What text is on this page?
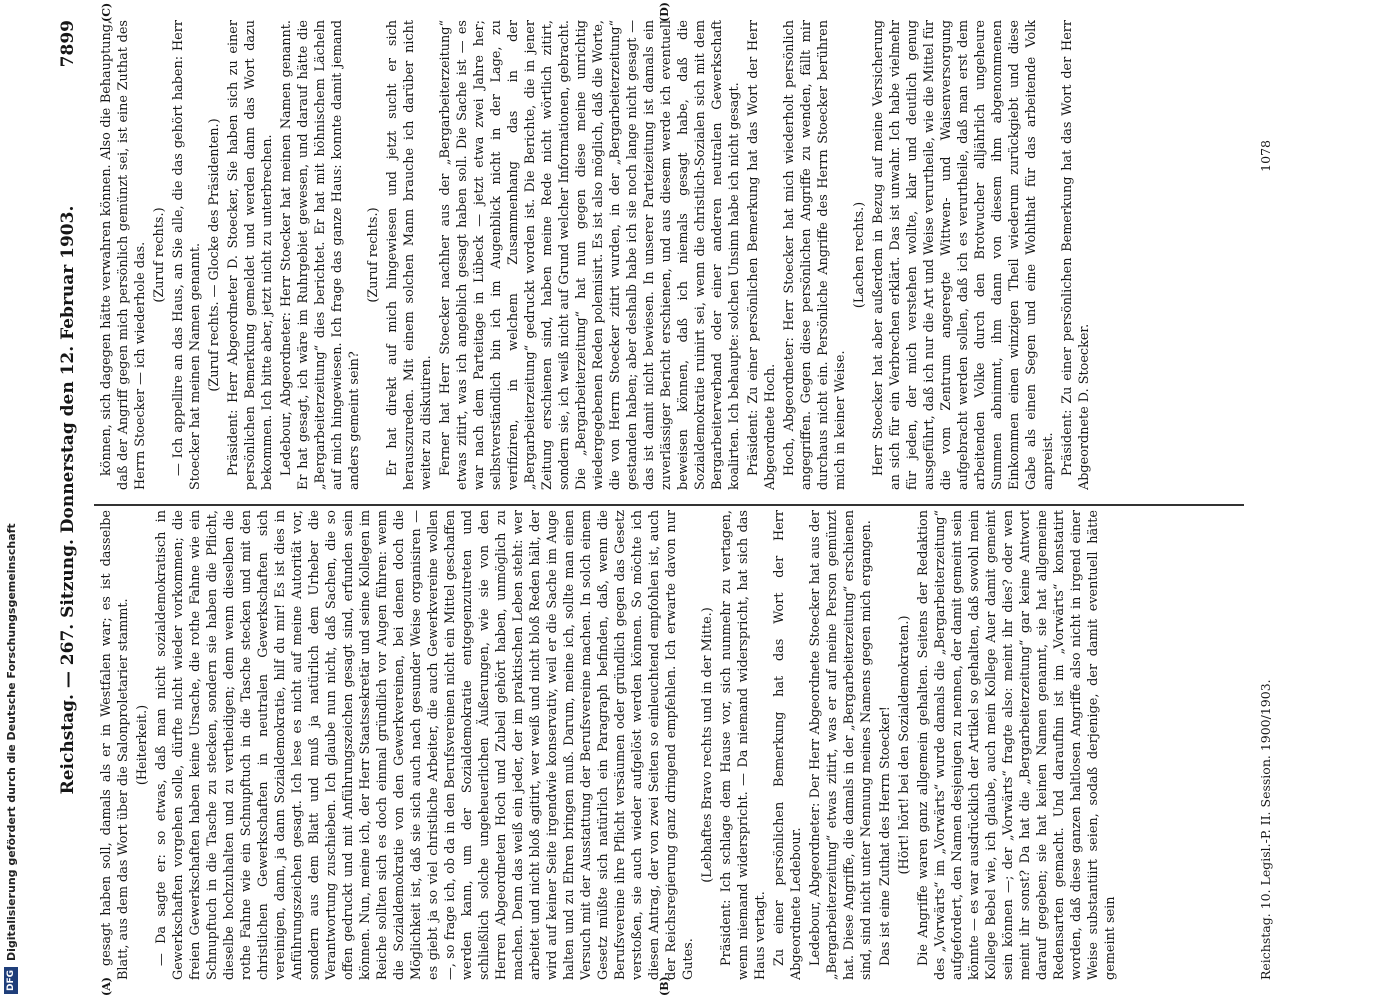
DFG
Digitalisierung gefördert durch die Deutsche Forschungsgemeinschaft Reichstag. — 267. Sitzung. Donnerstag den 12. Februar 1903.
7899
(A)	(B)
(C)	(D)

gesagt haben soll, damals als er in Westfalen war; es ist dasselbe Blatt, aus dem das Wort über die Salonproletarier stammt. (Heiterkeit.) — Da sagte er: so etwas, daß man nicht sozialdemokratisch in Gewerkschaften vorgehen solle, dürfte nicht wieder vorkommen; die freien Gewerkschaften haben keine Ursache, die rothe Fahne wie ein Schnupftuch in die Tasche zu stecken, sondern sie haben die Pflicht, dieselbe hochzuhalten und zu vertheidigen; denn wenn dieselben die rothe Fahne wie ein Schnupftuch in die Tasche stecken und mit den christlichen Gewerkschaften in neutralen Gewerkschaften sich vereinigen, dann, ja dann Sozialdemokratie, hilf du mir! Es ist dies in Anführungszeichen gesagt. Ich lese es nicht auf meine Autorität vor, sondern aus dem Blatt und muß ja natürlich dem Urheber die Verantwortung zuschieben. Ich glaube nun nicht, daß Sachen, die so offen gedruckt und mit Anführungszeichen gesagt sind, erfunden sein können. Nun, meine ich, der Herr Staatssekretär und seine Kollegen im Reiche sollten sich es doch einmal gründlich vor Augen führen: wenn die Sozialdemokratie von den Gewerkvereinen, bei denen doch die Möglichkeit ist, daß sie sich auch nach gesunder Weise organisiren — es giebt ja so viel christliche Arbeiter, die auch Gewerkvereine wollen —, so frage ich, ob da in den Berufsvereinen nicht ein Mittel geschaffen werden kann, um der Sozialdemokratie entgegenzutreten und schließlich solche ungeheuerlichen Äußerungen, wie sie von den Herren Abgeordneten Hoch und Zubeil gehört haben, unmöglich zu machen. Denn das weiß ein jeder, der im praktischen Leben steht: wer arbeitet und nicht bloß agitirt, wer weiß und nicht bloß Reden hält, der wird auf keiner Seite irgendwie konservativ, weil er die Sache im Auge halten und zu Ehren bringen muß. Darum, meine ich, sollte man einen Versuch mit der Ausstattung der Berufsvereine machen. In solch einem Gesetz müßte sich natürlich ein Paragraph befinden, daß, wenn die Berufsvereine ihre Pflicht versäumen oder gründlich gegen das Gesetz verstoßen, sie auch wieder aufgelöst werden können. So möchte ich diesen Antrag, der von zwei Seiten so einleuchtend empfohlen ist, auch der Reichsregierung ganz dringend empfehlen. Ich erwarte davon nur Gutes.

(Lebhaftes Bravo rechts und in der Mitte.) Präsident: Ich schlage dem Hause vor, sich nunmehr zu vertagen, wenn niemand widerspricht. — Da niemand widerspricht, hat sich das Haus vertagt. Zu einer persönlichen Bemerkung hat das Wort der Herr Abgeordnete Ledebour. Ledebour, Abgeordneter: Der Herr Abgeordnete Stoecker hat aus der „Bergarbeiterzeitung“ etwas zitirt, was er auf meine Person gemünzt hat. Diese Angriffe, die damals in der „Bergarbeiterzeitung“ erschienen sind, sind nicht unter Nennung meines Namens gegen mich ergangen. Das ist eine Zuthat des Herrn Stoecker! (Hört! hört! bei den Sozialdemokraten.) Die Angriffe waren ganz allgemein gehalten. Seitens der Redaktion des „Vorwärts“ im „Vorwärts“ wurde damals die „Bergarbeiterzeitung“ aufgefordert, den Namen desjenigen zu nennen, der damit gemeint sein könnte — es war ausdrücklich der Artikel so gehalten, daß sowohl mein Kollege Bebel wie, ich glaube, auch mein Kollege Auer damit gemeint sein können —; der „Vorwärts“ fragte also: meint ihr dies? oder wen meint ihr sonst? Da hat die „Bergarbeiterzeitung“ gar keine Antwort darauf gegeben; sie hat keinen Namen genannt, sie hat allgemeine Redensarten gemacht. Und daraufhin ist im „Vorwärts“ konstatirt worden, daß diese ganzen haltlosen Angriffe also nicht in irgend einer Weise substantiirt seien, sodaß derjenige, der damit eventuell hätte gemeint sein

können, sich dagegen hätte verwahren können. Also die Behauptung, daß der Angriff gegen mich persönlich gemünzt sei, ist eine Zuthat des Herrn Stoecker — ich wiederhole das. (Zuruf rechts.) — Ich appellire an das Haus, an Sie alle, die das gehört haben: Herr Stoecker hat meinen Namen genannt. (Zuruf rechts. — Glocke des Präsidenten.) Präsident: Herr Abgeordneter D. Stoecker, Sie haben sich zu einer persönlichen Bemerkung gemeldet und werden dann das Wort dazu bekommen. Ich bitte aber, jetzt nicht zu unterbrechen. Ledebour, Abgeordneter: Herr Stoecker hat meinen Namen genannt. Er hat gesagt, ich wäre im Ruhrgebiet gewesen, und darauf hätte die „Bergarbeiterzeitung“ dies berichtet. Er hat mit höhnischem Lächeln auf mich hingewiesen. Ich frage das ganze Haus: konnte damit jemand anders gemeint sein?

(Zuruf rechts.) Er hat direkt auf mich hingewiesen und jetzt sucht er sich herauszureden. Mit einem solchen Mann brauche ich darüber nicht weiter zu diskutiren. Ferner hat Herr Stoecker nachher aus der „Bergarbeiterzeitung“ etwas zitirt, was ich angeblich gesagt haben soll. Die Sache ist — es war nach dem Parteitage in Lübeck — jetzt etwa zwei Jahre her; selbstverständlich bin ich im Augenblick nicht in der Lage, zu verifiziren, in welchem Zusammenhang das in der „Bergarbeiterzeitung“ gedruckt worden ist. Die Berichte, die in jener Zeitung erschienen sind, haben meine Rede nicht wörtlich zitirt, sondern sie, ich weiß nicht auf Grund welcher Informationen, gebracht. Die „Bergarbeiterzeitung“ hat nun gegen diese meine unrichtig wiedergegebenen Reden polemisirt. Es ist also möglich, daß die Worte, die von Herrn Stoecker zitirt wurden, in der „Bergarbeiterzeitung“ gestanden haben; aber deshalb habe ich sie noch lange nicht gesagt — das ist damit nicht bewiesen. In unserer Parteizeitung ist damals ein zuverlässiger Bericht erschienen, und aus diesem werde ich eventuell beweisen können, daß ich niemals gesagt habe, daß die Sozialdemokratie ruinirt sei, wenn die christlich-Sozialen sich mit dem Bergarbeiterverband oder einer anderen neutralen Gewerkschaft koalirten. Ich behaupte: solchen Unsinn habe ich nicht gesagt. Präsident: Zu einer persönlichen Bemerkung hat das Wort der Herr Abgeordnete Hoch. Hoch, Abgeordneter: Herr Stoecker hat mich wiederholt persönlich angegriffen. Gegen diese persönlichen Angriffe zu wenden, fällt mir durchaus nicht ein. Persönliche Angriffe des Herrn Stoecker berühren mich in keiner Weise.

(Lachen rechts.) Herr Stoecker hat aber außerdem in Bezug auf meine Versicherung an sich für ein Verbrechen erklärt. Das ist unwahr. Ich habe vielmehr für jeden, der mich verstehen wollte, klar und deutlich genug ausgeführt, daß ich nur die Art und Weise verurtheile, wie die Mittel für die vom Zentrum angeregte Wittwen- und Waisenversorgung aufgebracht werden sollen, daß ich es verurtheile, daß man erst dem arbeitenden Volke durch den Brotwucher alljährlich ungeheure Summen abnimmt, ihm dann von diesem ihm abgenommenen Einkommen einen winzigen Theil wiederum zurückgiebt und diese Gabe als einen Segen und eine Wohlthat für das arbeitende Volk anpreist. Präsident: Zu einer persönlichen Bemerkung hat das Wort der Herr Abgeordnete D. Stoecker.

Reichstag. 10. Legisl.-P. II. Session. 1900/1903.
1078
